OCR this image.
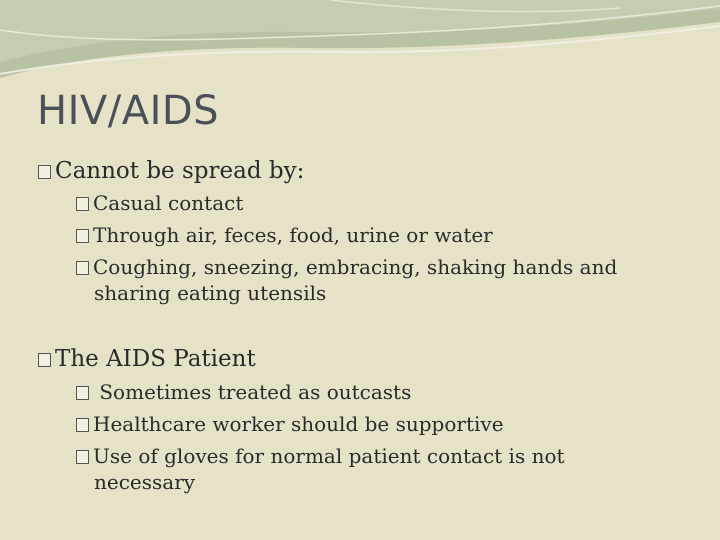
HIV/AIDS
Cannot be spread by:
Casual contact
Through air, feces, food, urine or water
Coughing, sneezing, embracing, shaking hands and
sharing eating utensils
The AIDS Patient
Sometimes treated as outcasts
Healthcare worker should be supportive
Use of gloves for normal patient contact is not
necessary
